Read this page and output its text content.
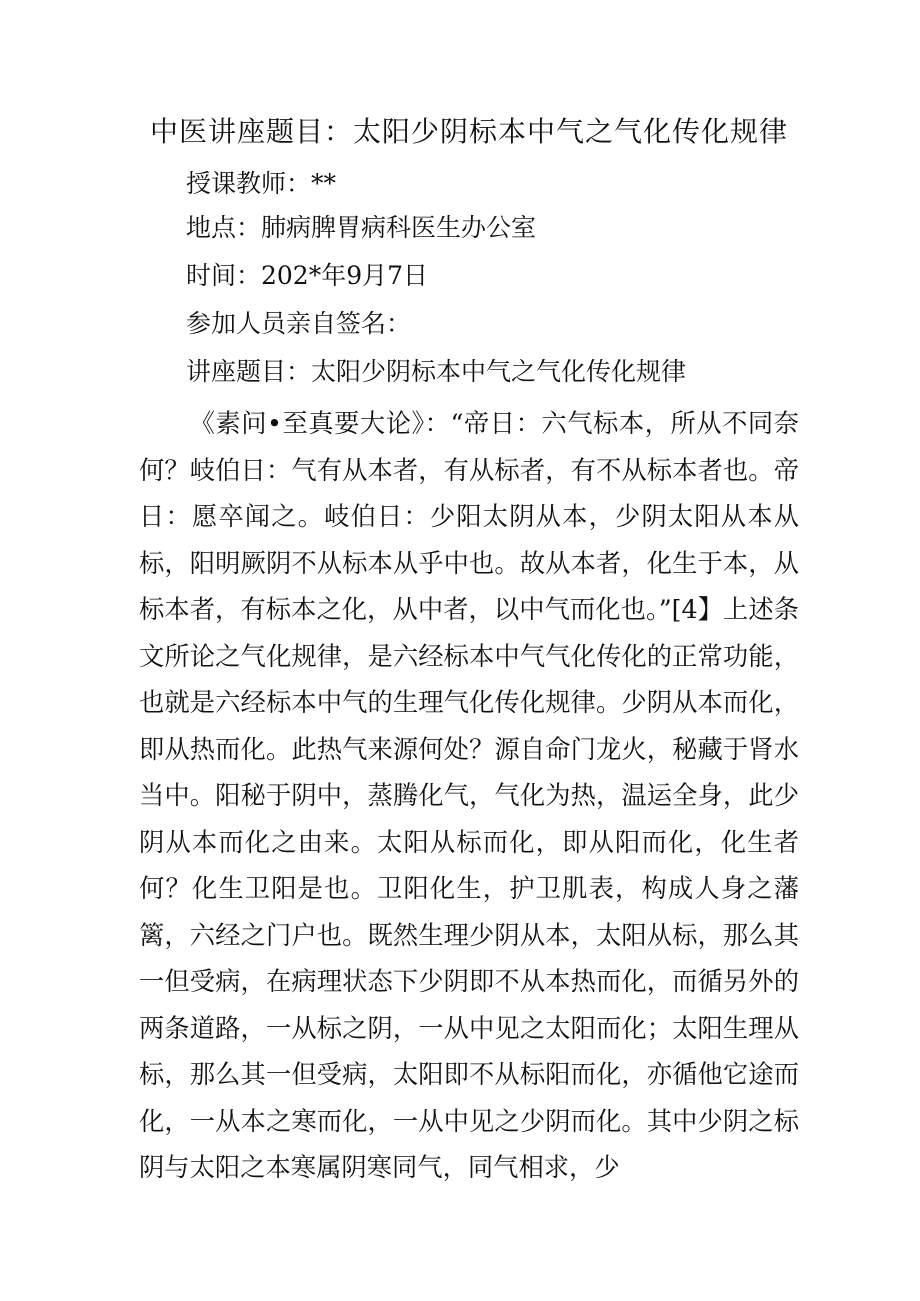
中医讲座题目：太阳少阴标本中气之气化传化规律

授课教师：**

地点：肺病脾胃病科医生办公室

时间：202*年9月7日

参加人员亲自签名：

讲座题目：太阳少阴标本中气之气化传化规律

《素问•至真要大论》：“帝日：六气标本，所从不同奈何？岐伯日：气有从本者，有从标者，有不从标本者也。帝日：愿卒闻之。岐伯日：少阳太阴从本，少阴太阳从本从标，阳明厥阴不从标本从乎中也。故从本者，化生于本，从标本者，有标本之化，从中者，以中气而化也。”[4】上述条文所论之气化规律，是六经标本中气气化传化的正常功能，也就是六经标本中气的生理气化传化规律。少阴从本而化，即从热而化。此热气来源何处？源自命门龙火，秘藏于肾水当中。阳秘于阴中，蒸腾化气，气化为热，温运全身，此少阴从本而化之由来。太阳从标而化，即从阳而化，化生者何？化生卫阳是也。卫阳化生，护卫肌表，构成人身之藩篱，六经之门户也。既然生理少阴从本，太阳从标，那么其一但受病，在病理状态下少阴即不从本热而化，而循另外的两条道路，一从标之阴，一从中见之太阳而化；太阳生理从标，那么其一但受病，太阳即不从标阳而化，亦循他它途而化，一从本之寒而化，一从中见之少阴而化。其中少阴之标阴与太阳之本寒属阴寒同气，同气相求，少
